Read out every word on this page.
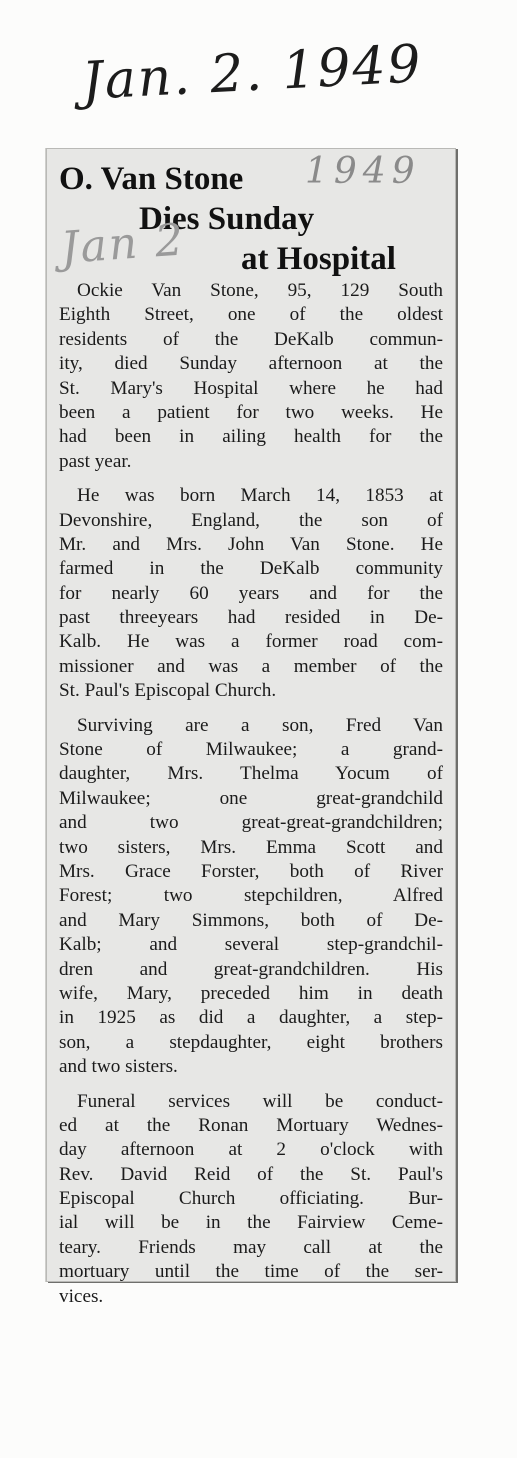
Jan. 2. 1949
O. Van Stone
Dies Sunday
at Hospital
Ockie Van Stone, 95, 129 South
Eighth Street, one of the oldest
residents of the DeKalb commun-
ity, died Sunday afternoon at the
St. Mary's Hospital where he had
been a patient for two weeks. He
had been in ailing health for the
past year.
He was born March 14, 1853 at
Devonshire, England, the son of
Mr. and Mrs. John Van Stone. He
farmed in the DeKalb community
for nearly 60 years and for the
past threeyears had resided in De-
Kalb. He was a former road com-
missioner and was a member of the
St. Paul's Episcopal Church.
Surviving are a son, Fred Van
Stone of Milwaukee; a grand-
daughter, Mrs. Thelma Yocum of
Milwaukee; one great-grandchild
and two great-great-grandchildren;
two sisters, Mrs. Emma Scott and
Mrs. Grace Forster, both of River
Forest; two stepchildren, Alfred
and Mary Simmons, both of De-
Kalb; and several step-grandchil-
dren and great-grandchildren. His
wife, Mary, preceded him in death
in 1925 as did a daughter, a step-
son, a stepdaughter, eight brothers
and two sisters.
Funeral services will be conduct-
ed at the Ronan Mortuary Wednes-
day afternoon at 2 o'clock with
Rev. David Reid of the St. Paul's
Episcopal Church officiating. Bur-
ial will be in the Fairview Ceme-
teary. Friends may call at the
mortuary until the time of the ser-
vices.
1949
Jan 2
